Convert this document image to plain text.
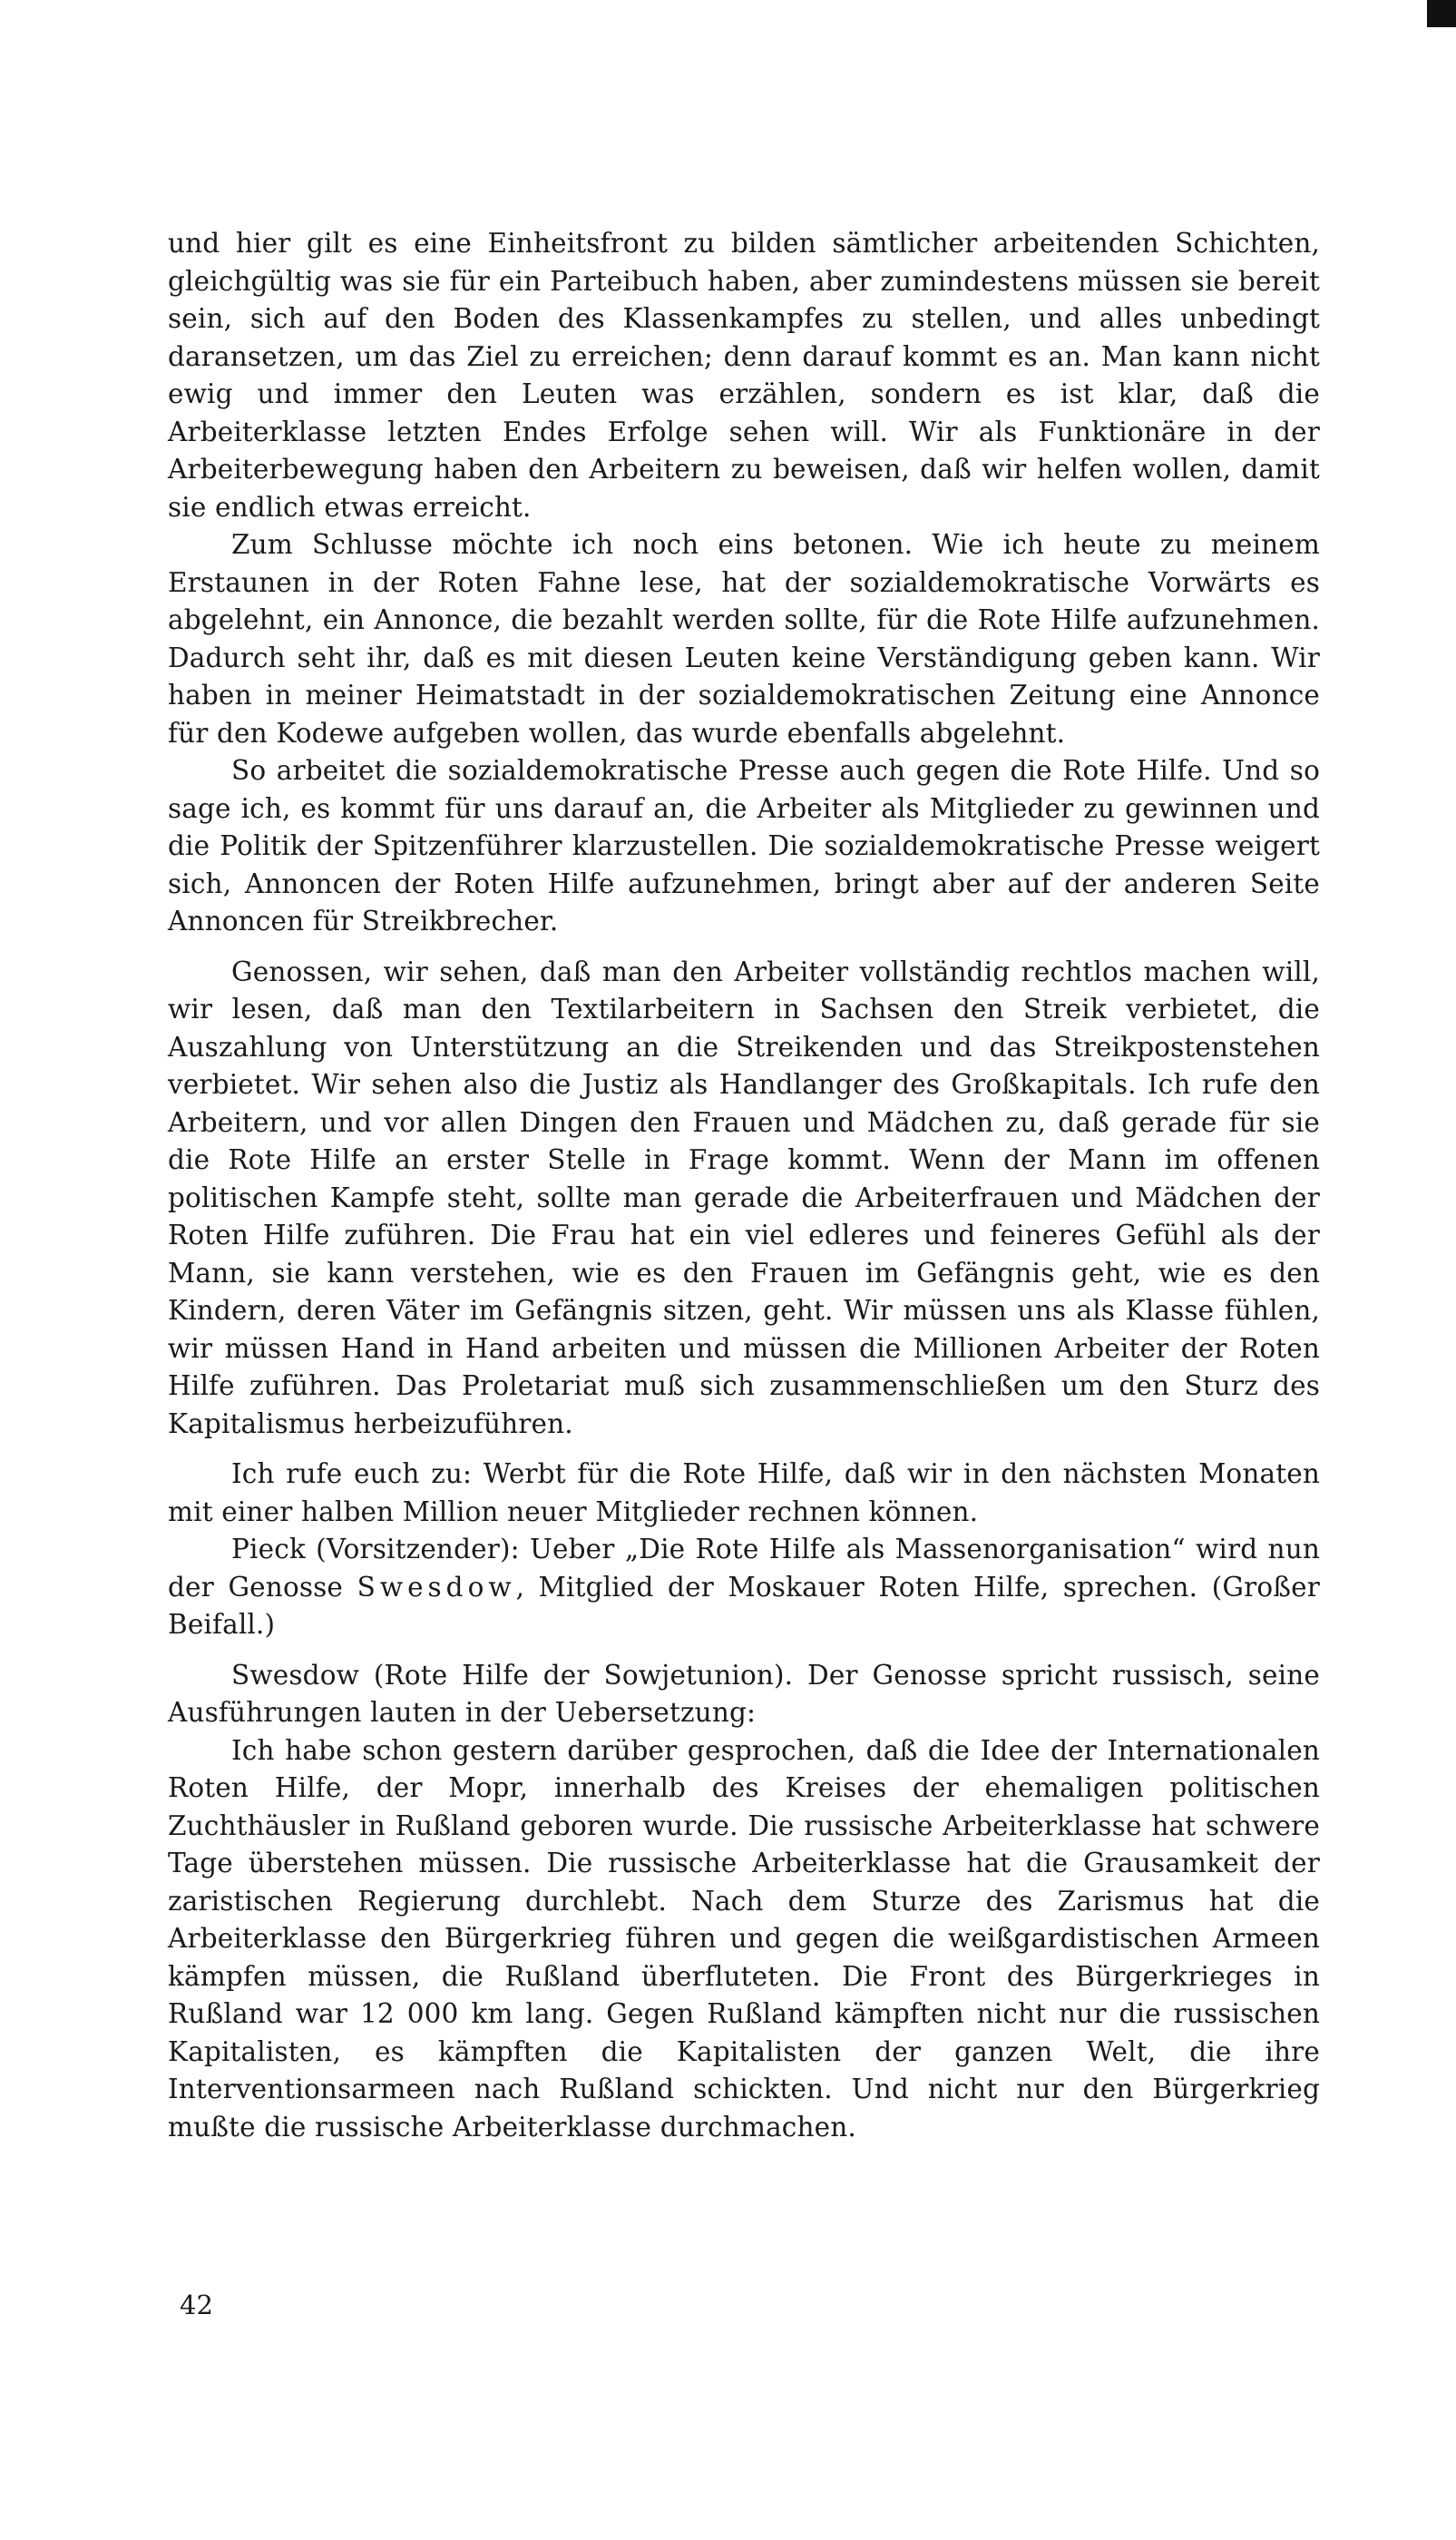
und hier gilt es eine Einheitsfront zu bilden sämtlicher arbeitenden Schichten, gleichgültig was sie für ein Parteibuch haben, aber zumindestens müssen sie bereit sein, sich auf den Boden des Klassenkampfes zu stellen, und alles unbedingt daransetzen, um das Ziel zu erreichen; denn darauf kommt es an. Man kann nicht ewig und immer den Leuten was erzählen, sondern es ist klar, daß die Arbeiterklasse letzten Endes Erfolge sehen will. Wir als Funktionäre in der Arbeiterbewegung haben den Arbeitern zu beweisen, daß wir helfen wollen, damit sie endlich etwas erreicht.

Zum Schlusse möchte ich noch eins betonen. Wie ich heute zu meinem Erstaunen in der Roten Fahne lese, hat der sozialdemokratische Vorwärts es abgelehnt, ein Annonce, die bezahlt werden sollte, für die Rote Hilfe aufzunehmen. Dadurch seht ihr, daß es mit diesen Leuten keine Verständigung geben kann. Wir haben in meiner Heimatstadt in der sozialdemokratischen Zeitung eine Annonce für den Kodewe aufgeben wollen, das wurde ebenfalls abgelehnt.

So arbeitet die sozialdemokratische Presse auch gegen die Rote Hilfe. Und so sage ich, es kommt für uns darauf an, die Arbeiter als Mitglieder zu gewinnen und die Politik der Spitzenführer klarzustellen. Die sozialdemokratische Presse weigert sich, Annoncen der Roten Hilfe aufzunehmen, bringt aber auf der anderen Seite Annoncen für Streikbrecher.

Genossen, wir sehen, daß man den Arbeiter vollständig rechtlos machen will, wir lesen, daß man den Textilarbeitern in Sachsen den Streik verbietet, die Auszahlung von Unterstützung an die Streikenden und das Streikpostenstehen verbietet. Wir sehen also die Justiz als Handlanger des Großkapitals. Ich rufe den Arbeitern, und vor allen Dingen den Frauen und Mädchen zu, daß gerade für sie die Rote Hilfe an erster Stelle in Frage kommt. Wenn der Mann im offenen politischen Kampfe steht, sollte man gerade die Arbeiterfrauen und Mädchen der Roten Hilfe zuführen. Die Frau hat ein viel edleres und feineres Gefühl als der Mann, sie kann verstehen, wie es den Frauen im Gefängnis geht, wie es den Kindern, deren Väter im Gefängnis sitzen, geht. Wir müssen uns als Klasse fühlen, wir müssen Hand in Hand arbeiten und müssen die Millionen Arbeiter der Roten Hilfe zuführen. Das Proletariat muß sich zusammenschließen um den Sturz des Kapitalismus herbeizuführen.

Ich rufe euch zu: Werbt für die Rote Hilfe, daß wir in den nächsten Monaten mit einer halben Million neuer Mitglieder rechnen können.

Pieck (Vorsitzender): Ueber „Die Rote Hilfe als Massenorganisation“ wird nun der Genosse Swesdow, Mitglied der Moskauer Roten Hilfe, sprechen. (Großer Beifall.)

Swesdow (Rote Hilfe der Sowjetunion). Der Genosse spricht russisch, seine Ausführungen lauten in der Uebersetzung:

Ich habe schon gestern darüber gesprochen, daß die Idee der Internationalen Roten Hilfe, der Mopr, innerhalb des Kreises der ehemaligen politischen Zuchthäusler in Rußland geboren wurde. Die russische Arbeiterklasse hat schwere Tage überstehen müssen. Die russische Arbeiterklasse hat die Grausamkeit der zaristischen Regierung durchlebt. Nach dem Sturze des Zarismus hat die Arbeiterklasse den Bürgerkrieg führen und gegen die weißgardistischen Armeen kämpfen müssen, die Rußland überfluteten. Die Front des Bürgerkrieges in Rußland war 12 000 km lang. Gegen Rußland kämpften nicht nur die russischen Kapitalisten, es kämpften die Kapitalisten der ganzen Welt, die ihre Interventionsarmeen nach Rußland schickten. Und nicht nur den Bürgerkrieg mußte die russische Arbeiterklasse durchmachen.

42
